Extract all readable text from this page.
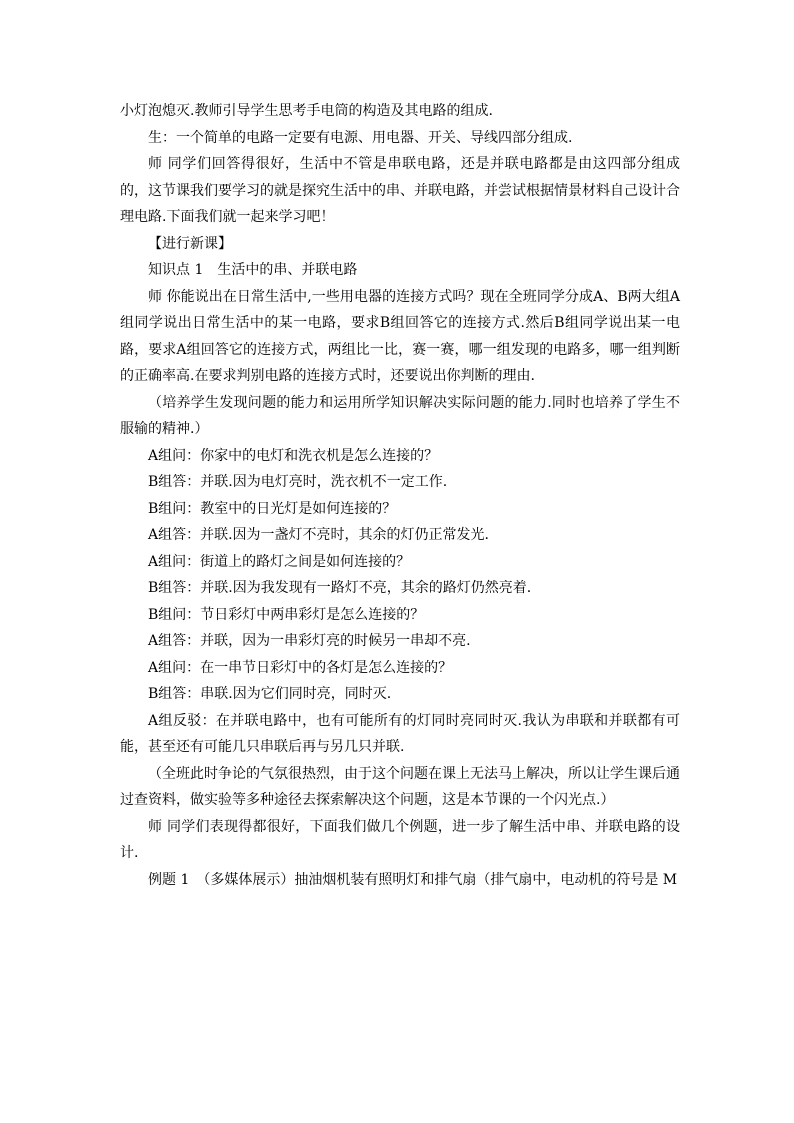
小灯泡熄灭.教师引导学生思考手电筒的构造及其电路的组成.

生：一个简单的电路一定要有电源、用电器、开关、导线四部分组成.

师 同学们回答得很好，生活中不管是串联电路，还是并联电路都是由这四部分组成的，这节课我们要学习的就是探究生活中的串、并联电路，并尝试根据情景材料自己设计合理电路.下面我们就一起来学习吧！

【进行新课】

知识点 1　生活中的串、并联电路

师 你能说出在日常生活中,一些用电器的连接方式吗？现在全班同学分成A、B两大组A组同学说出日常生活中的某一电路，要求B组回答它的连接方式.然后B组同学说出某一电路，要求A组回答它的连接方式，两组比一比，赛一赛，哪一组发现的电路多，哪一组判断的正确率高.在要求判别电路的连接方式时，还要说出你判断的理由.

（培养学生发现问题的能力和运用所学知识解决实际问题的能力.同时也培养了学生不服输的精神.）

A组问：你家中的电灯和洗衣机是怎么连接的？

B组答：并联.因为电灯亮时，洗衣机不一定工作.

B组问：教室中的日光灯是如何连接的？

A组答：并联.因为一盏灯不亮时，其余的灯仍正常发光.

A组问：街道上的路灯之间是如何连接的？

B组答：并联.因为我发现有一路灯不亮，其余的路灯仍然亮着.

B组问：节日彩灯中两串彩灯是怎么连接的？

A组答：并联，因为一串彩灯亮的时候另一串却不亮.

A组问：在一串节日彩灯中的各灯是怎么连接的？

B组答：串联.因为它们同时亮，同时灭.

A组反驳：在并联电路中，也有可能所有的灯同时亮同时灭.我认为串联和并联都有可能，甚至还有可能几只串联后再与另几只并联.

（全班此时争论的气氛很热烈，由于这个问题在课上无法马上解决，所以让学生课后通过查资料，做实验等多种途径去探索解决这个问题，这是本节课的一个闪光点.）

师 同学们表现得都很好，下面我们做几个例题，进一步了解生活中串、并联电路的设计.

例题 1　（多媒体展示）抽油烟机装有照明灯和排气扇（排气扇中，电动机的符号是 M
